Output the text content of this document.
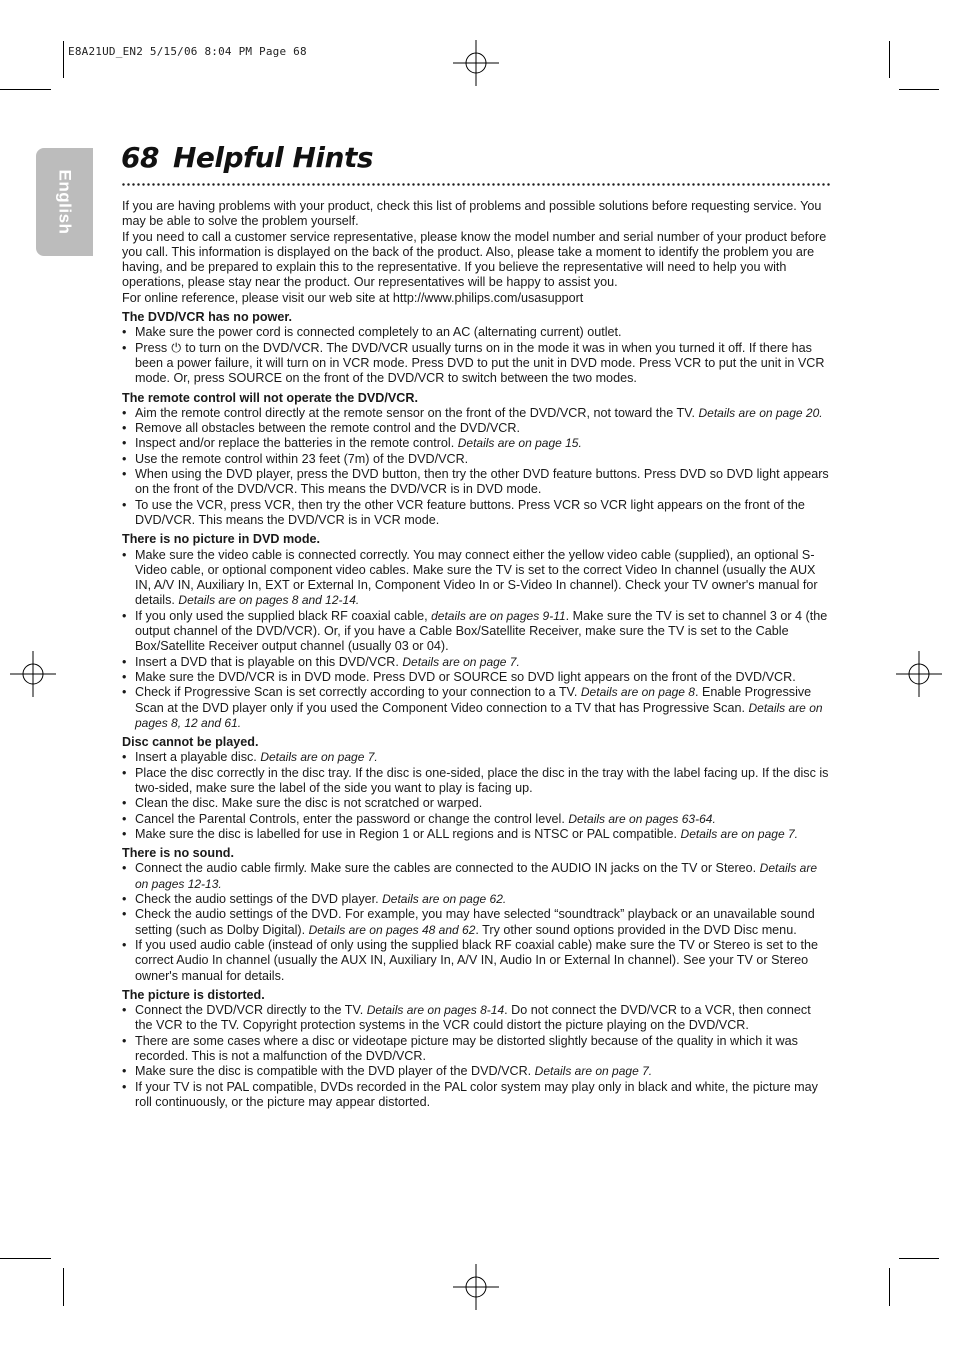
E8A21UD_EN2 5/15/06 8:04 PM Page 68
English
68 Helpful Hints

If you are having problems with your product, check this list of problems and possible solutions before requesting service. You may be able to solve the problem yourself.

If you need to call a customer service representative, please know the model number and serial number of your product before you call. This information is displayed on the back of the product. Also, please take a moment to identify the problem you are having, and be prepared to explain this to the representative. If you believe the representative will need to help you with operations, please stay near the product. Our representatives will be happy to assist you.

For online reference, please visit our web site at http://www.philips.com/usasupport

The DVD/VCR has no power.

• Make sure the power cord is connected completely to an AC (alternating current) outlet.
• Press ⏻ to turn on the DVD/VCR. The DVD/VCR usually turns on in the mode it was in when you turned it off. If there has been a power failure, it will turn on in VCR mode. Press DVD to put the unit in DVD mode. Press VCR to put the unit in VCR mode. Or, press SOURCE on the front of the DVD/VCR to switch between the two modes.

The remote control will not operate the DVD/VCR.

• Aim the remote control directly at the remote sensor on the front of the DVD/VCR, not toward the TV. Details are on page 20.
• Remove all obstacles between the remote control and the DVD/VCR.
• Inspect and/or replace the batteries in the remote control. Details are on page 15.
• Use the remote control within 23 feet (7m) of the DVD/VCR.
• When using the DVD player, press the DVD button, then try the other DVD feature buttons. Press DVD so DVD light appears on the front of the DVD/VCR. This means the DVD/VCR is in DVD mode.
• To use the VCR, press VCR, then try the other VCR feature buttons. Press VCR so VCR light appears on the front of the DVD/VCR. This means the DVD/VCR is in VCR mode.

There is no picture in DVD mode.

• Make sure the video cable is connected correctly. You may connect either the yellow video cable (supplied), an optional S-Video cable, or optional component video cables. Make sure the TV is set to the correct Video In channel (usually the AUX IN, A/V IN, Auxiliary In, EXT or External In, Component Video In or S-Video In channel). Check your TV owner's manual for details. Details are on pages 8 and 12-14.
• If you only used the supplied black RF coaxial cable, details are on pages 9-11. Make sure the TV is set to channel 3 or 4 (the output channel of the DVD/VCR). Or, if you have a Cable Box/Satellite Receiver, make sure the TV is set to the Cable Box/Satellite Receiver output channel (usually 03 or 04).
• Insert a DVD that is playable on this DVD/VCR. Details are on page 7.
• Make sure the DVD/VCR is in DVD mode. Press DVD or SOURCE so DVD light appears on the front of the DVD/VCR.
• Check if Progressive Scan is set correctly according to your connection to a TV. Details are on page 8. Enable Progressive Scan at the DVD player only if you used the Component Video connection to a TV that has Progressive Scan. Details are on pages 8, 12 and 61.

Disc cannot be played.

• Insert a playable disc. Details are on page 7.
• Place the disc correctly in the disc tray. If the disc is one-sided, place the disc in the tray with the label facing up. If the disc is two-sided, make sure the label of the side you want to play is facing up.
• Clean the disc. Make sure the disc is not scratched or warped.
• Cancel the Parental Controls, enter the password or change the control level. Details are on pages 63-64.
• Make sure the disc is labelled for use in Region 1 or ALL regions and is NTSC or PAL compatible. Details are on page 7.

There is no sound.

• Connect the audio cable firmly. Make sure the cables are connected to the AUDIO IN jacks on the TV or Stereo. Details are on pages 12-13.
• Check the audio settings of the DVD player. Details are on page 62.
• Check the audio settings of the DVD. For example, you may have selected “soundtrack” playback or an unavailable sound setting (such as Dolby Digital). Details are on pages 48 and 62. Try other sound options provided in the DVD Disc menu.
• If you used audio cable (instead of only using the supplied black RF coaxial cable) make sure the TV or Stereo is set to the correct Audio In channel (usually the AUX IN, Auxiliary In, A/V IN, Audio In or External In channel). See your TV or Stereo owner's manual for details.

The picture is distorted.

• Connect the DVD/VCR directly to the TV. Details are on pages 8-14. Do not connect the DVD/VCR to a VCR, then connect the VCR to the TV. Copyright protection systems in the VCR could distort the picture playing on the DVD/VCR.
• There are some cases where a disc or videotape picture may be distorted slightly because of the quality in which it was recorded. This is not a malfunction of the DVD/VCR.
• Make sure the disc is compatible with the DVD player of the DVD/VCR. Details are on page 7.
• If your TV is not PAL compatible, DVDs recorded in the PAL color system may play only in black and white, the picture may roll continuously, or the picture may appear distorted.
